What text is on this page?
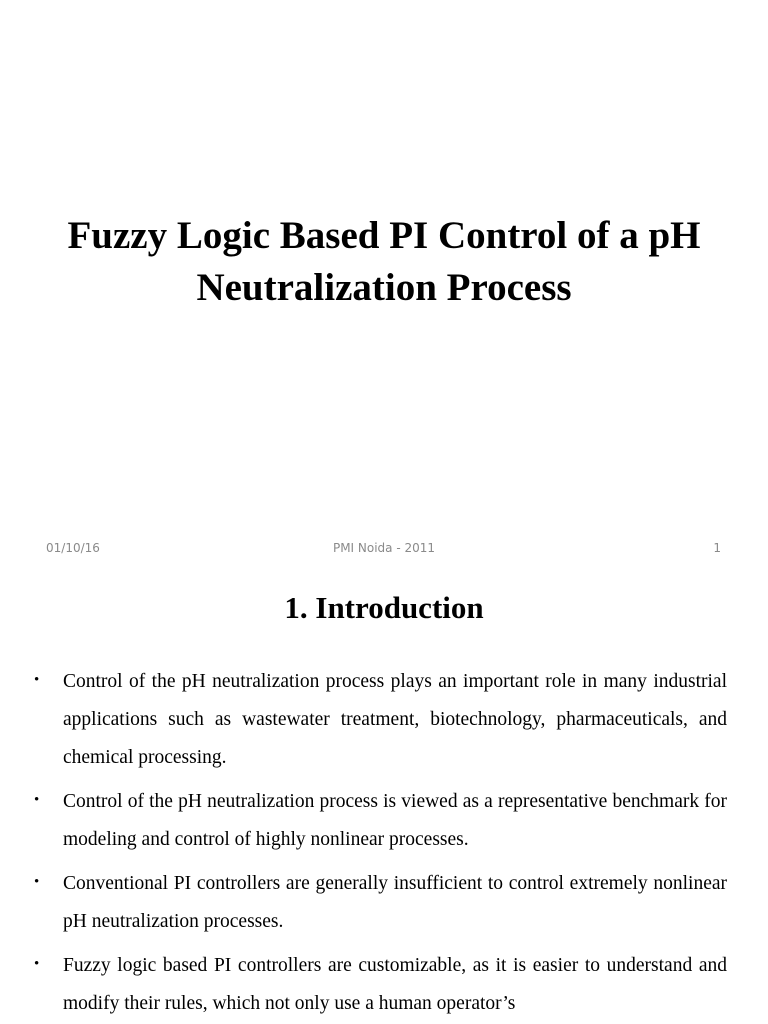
Fuzzy Logic Based PI Control of a pH Neutralization Process
01/10/16	PMI Noida - 2011	1
1. Introduction
• Control of the pH neutralization process plays an important role in many industrial applications such as wastewater treatment, biotechnology, pharmaceuticals, and chemical processing.
• Control of the pH neutralization process is viewed as a representative benchmark for modeling and control of highly nonlinear processes.
• Conventional PI controllers are generally insufficient to control extremely nonlinear pH neutralization processes.
• Fuzzy logic based PI controllers are customizable, as it is easier to understand and modify their rules, which not only use a human operator’s
